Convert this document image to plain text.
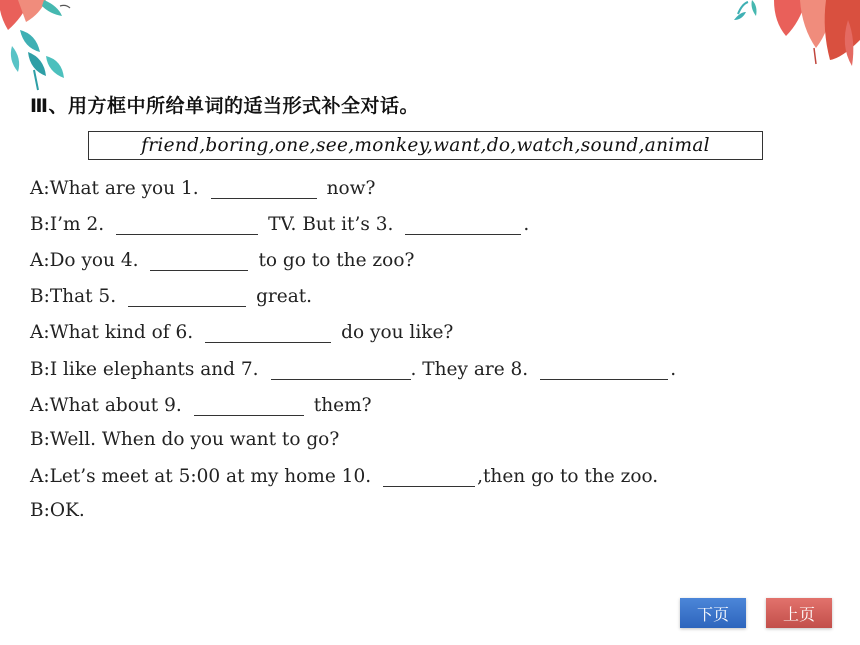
Ⅲ、用方框中所给单词的适当形式补全对话。
friend,boring,one,see,monkey,want,do,watch,sound,animal
A:What are you 1.	now?
B:I’m 2.	TV. But it’s 3.	.
A:Do you 4.	to go to the zoo?
B:That 5.	great.
A:What kind of 6.	do you like?
B:I like elephants and 7.	. They are 8.	.
A:What about 9.	them?
B:Well. When do you want to go?
A:Let’s meet at 5:00 at my home 10.	,then go to the zoo.
B:OK.
下页	上页
